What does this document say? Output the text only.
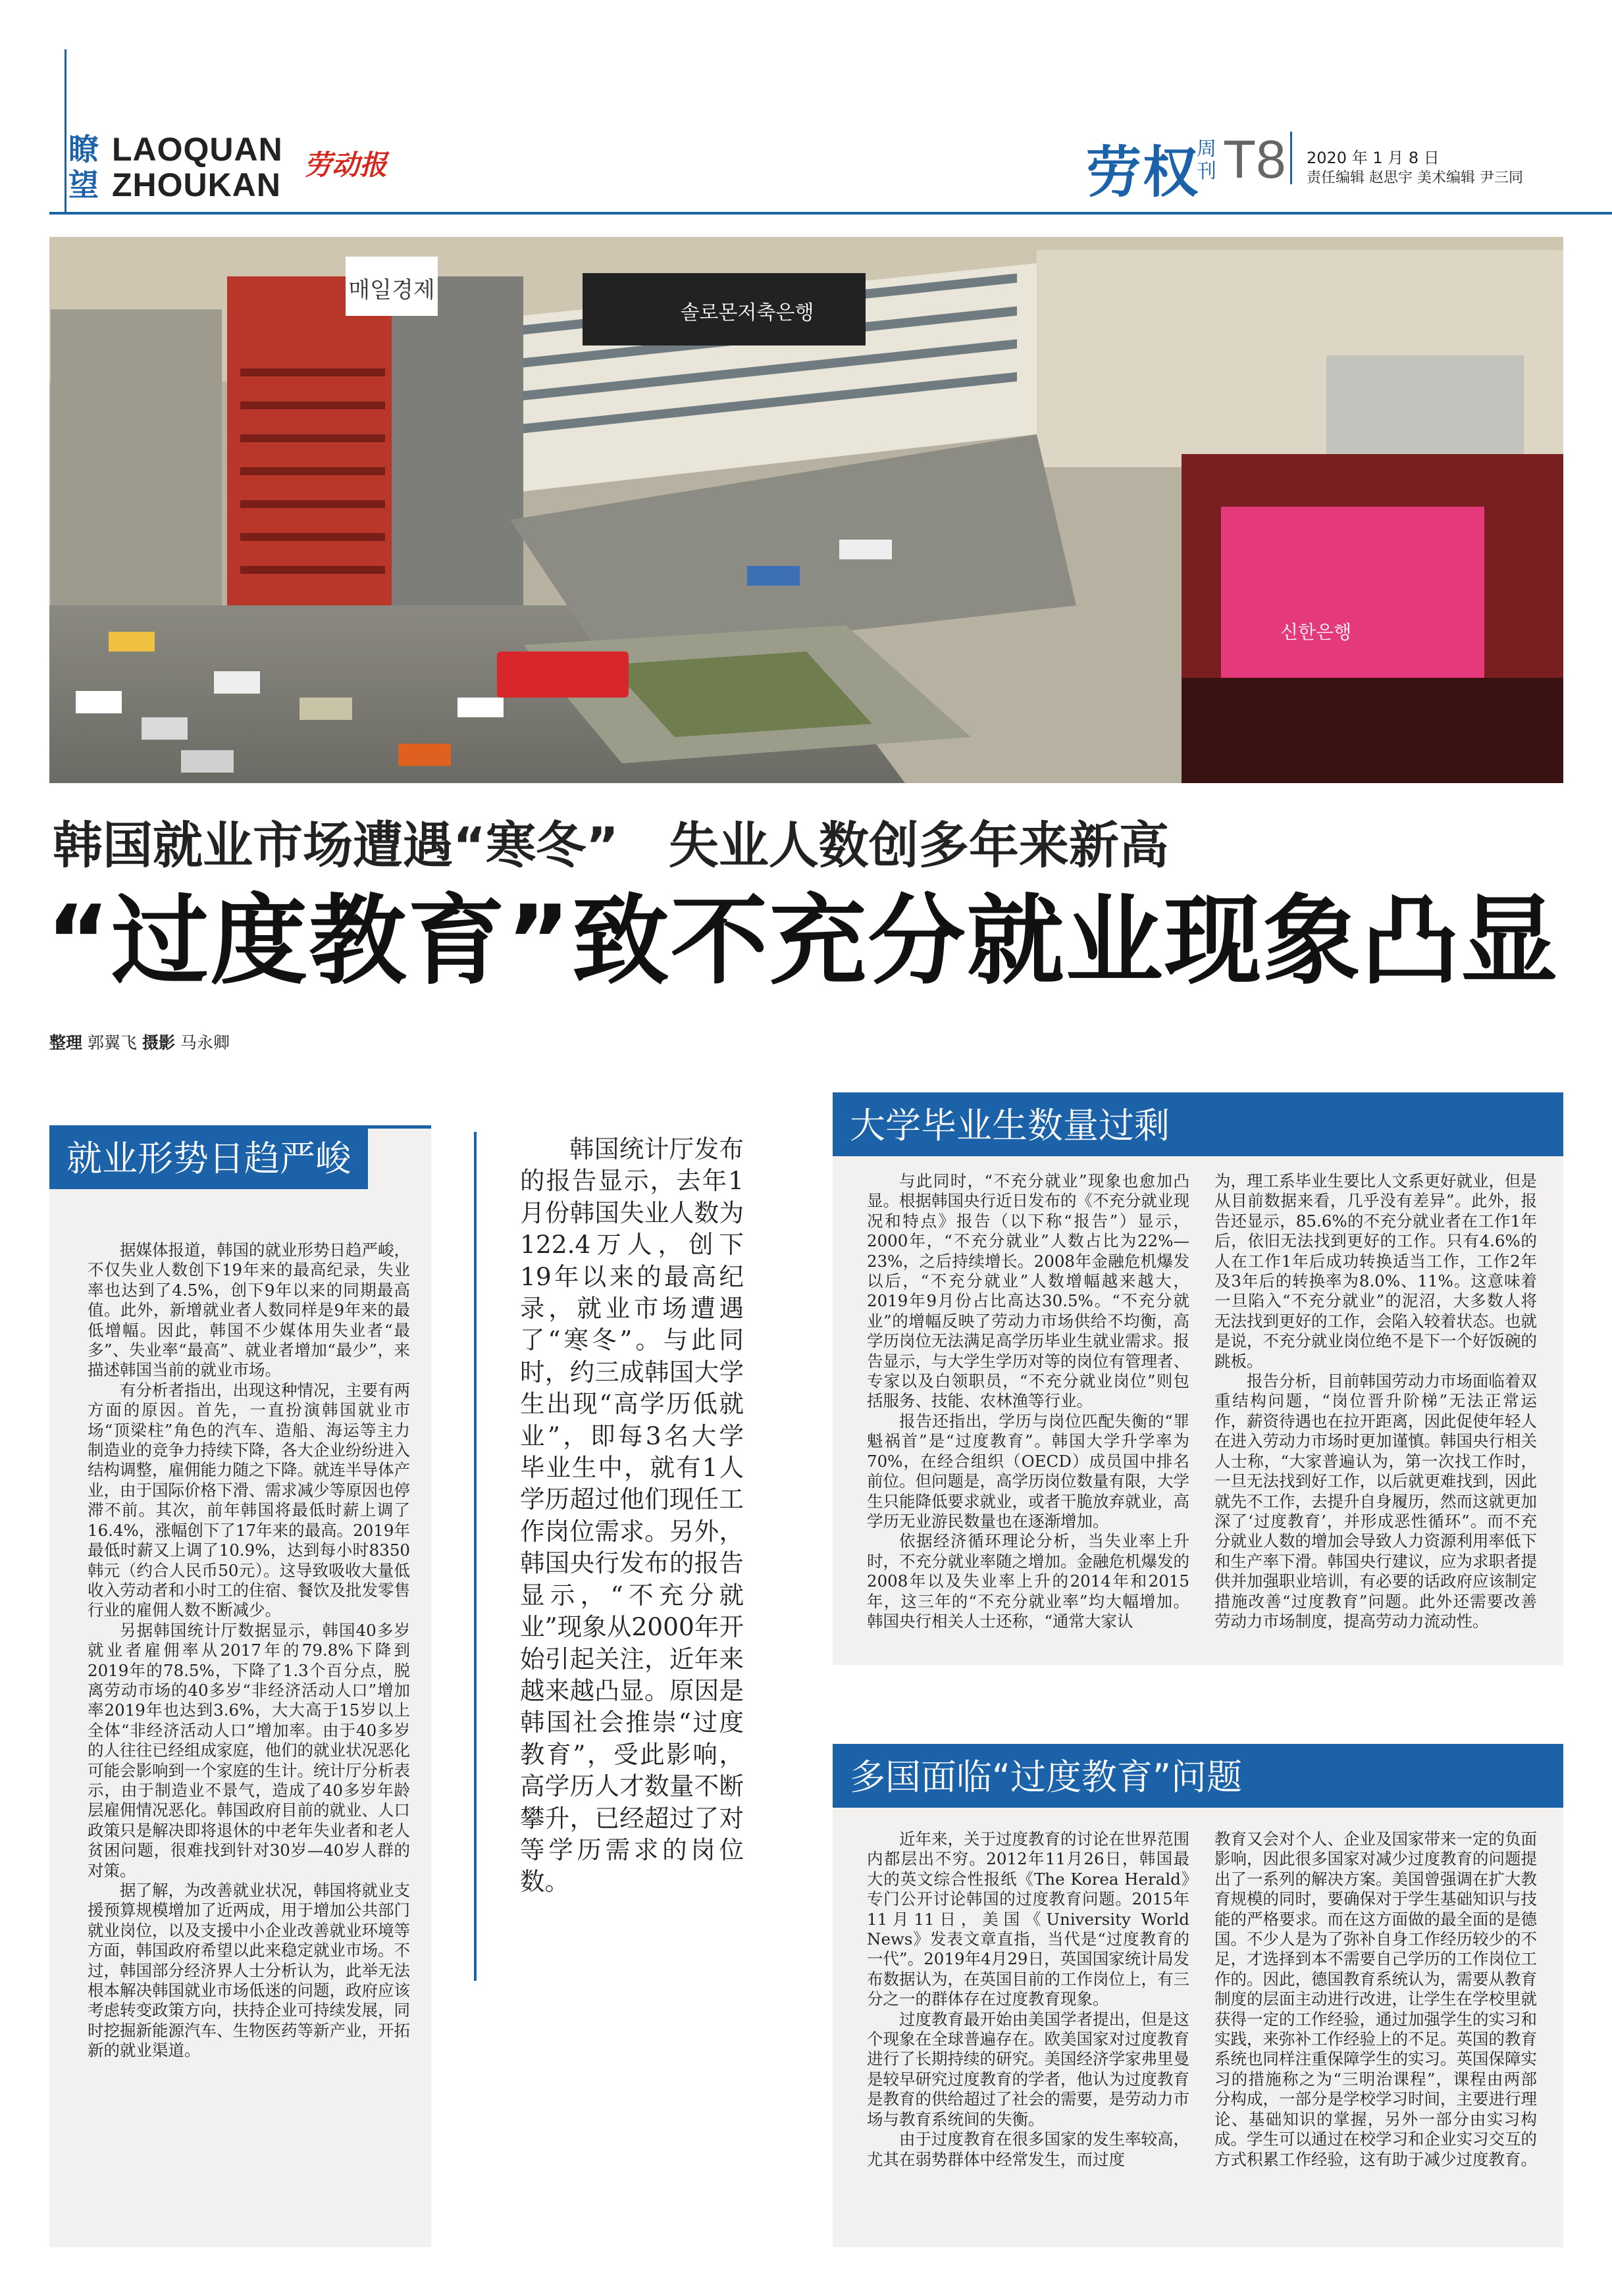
瞭望
LAOQUAN
ZHOUKAN
劳动报	劳权
周刊 T8 2020 年 1 月 8 日
责任编辑 赵思宇 美术编辑 尹三同
매일경제
솔로몬저축은행
신한은행
韩国就业市场遭遇“寒冬”　失业人数创多年来新高
“过度教育”致不充分就业现象凸显
整理 郭翼飞 摄影 马永卿
就业形势日趋严峻

据媒体报道，韩国的就业形势日趋严峻，不仅失业人数创下19年来的最高纪录，失业率也达到了4.5%，创下9年以来的同期最高值。此外，新增就业者人数同样是9年来的最低增幅。因此，韩国不少媒体用失业者“最多”、失业率“最高”、就业者增加“最少”，来描述韩国当前的就业市场。

有分析者指出，出现这种情况，主要有两方面的原因。首先，一直扮演韩国就业市场“顶梁柱”角色的汽车、造船、海运等主力制造业的竞争力持续下降，各大企业纷纷进入结构调整，雇佣能力随之下降。就连半导体产业，由于国际价格下滑、需求减少等原因也停滞不前。其次，前年韩国将最低时薪上调了16.4%，涨幅创下了17年来的最高。2019年最低时薪又上调了10.9%，达到每小时8350韩元（约合人民币50元）。这导致吸收大量低收入劳动者和小时工的住宿、餐饮及批发零售行业的雇佣人数不断减少。

另据韩国统计厅数据显示，韩国40多岁就业者雇佣率从2017年的79.8%下降到2019年的78.5%，下降了1.3个百分点，脱离劳动市场的40多岁“非经济活动人口”增加率2019年也达到3.6%，大大高于15岁以上全体“非经济活动人口”增加率。由于40多岁的人往往已经组成家庭，他们的就业状况恶化可能会影响到一个家庭的生计。统计厅分析表示，由于制造业不景气，造成了40多岁年龄层雇佣情况恶化。韩国政府目前的就业、人口政策只是解决即将退休的中老年失业者和老人贫困问题，很难找到针对30岁—40岁人群的对策。

据了解，为改善就业状况，韩国将就业支援预算规模增加了近两成，用于增加公共部门就业岗位，以及支援中小企业改善就业环境等方面，韩国政府希望以此来稳定就业市场。不过，韩国部分经济界人士分析认为，此举无法根本解决韩国就业市场低迷的问题，政府应该考虑转变政策方向，扶持企业可持续发展，同时挖掘新能源汽车、生物医药等新产业，开拓新的就业渠道。

韩国统计厅发布的报告显示，去年1月份韩国失业人数为122.4万人，创下19年以来的最高纪录，就业市场遭遇了“寒冬”。与此同时，约三成韩国大学生出现“高学历低就业”，即每3名大学毕业生中，就有1人学历超过他们现任工作岗位需求。另外，韩国央行发布的报告显示，“不充分就业”现象从2000年开始引起关注，近年来越来越凸显。原因是韩国社会推崇“过度教育”，受此影响，高学历人才数量不断攀升，已经超过了对等学历需求的岗位数。

大学毕业生数量过剩

与此同时，“不充分就业”现象也愈加凸显。根据韩国央行近日发布的《不充分就业现况和特点》报告（以下称“报告”）显示，2000年，“不充分就业”人数占比为22%—23%，之后持续增长。2008年金融危机爆发以后，“不充分就业”人数增幅越来越大，2019年9月份占比高达30.5%。“不充分就业”的增幅反映了劳动力市场供给不均衡，高学历岗位无法满足高学历毕业生就业需求。报告显示，与大学生学历对等的岗位有管理者、专家以及白领职员，“不充分就业岗位”则包括服务、技能、农林渔等行业。

报告还指出，学历与岗位匹配失衡的“罪魁祸首”是“过度教育”。韩国大学升学率为70%，在经合组织（OECD）成员国中排名前位。但问题是，高学历岗位数量有限，大学生只能降低要求就业，或者干脆放弃就业，高学历无业游民数量也在逐渐增加。

依据经济循环理论分析，当失业率上升时，不充分就业率随之增加。金融危机爆发的2008年以及失业率上升的2014年和2015年，这三年的“不充分就业率”均大幅增加。韩国央行相关人士还称，“通常大家认

为，理工系毕业生要比人文系更好就业，但是从目前数据来看，几乎没有差异”。此外，报告还显示，85.6%的不充分就业者在工作1年后，依旧无法找到更好的工作。只有4.6%的人在工作1年后成功转换适当工作，工作2年及3年后的转换率为8.0%、11%。这意味着一旦陷入“不充分就业”的泥沼，大多数人将无法找到更好的工作，会陷入较着状态。也就是说，不充分就业岗位绝不是下一个好饭碗的跳板。

报告分析，目前韩国劳动力市场面临着双重结构问题，“岗位晋升阶梯”无法正常运作，薪资待遇也在拉开距离，因此促使年轻人在进入劳动力市场时更加谨慎。韩国央行相关人士称，“大家普遍认为，第一次找工作时，一旦无法找到好工作，以后就更难找到，因此就先不工作，去提升自身履历，然而这就更加深了‘过度教育’，并形成恶性循环”。而不充分就业人数的增加会导致人力资源利用率低下和生产率下滑。韩国央行建议，应为求职者提供并加强职业培训，有必要的话政府应该制定措施改善“过度教育”问题。此外还需要改善劳动力市场制度，提高劳动力流动性。

多国面临“过度教育”问题

近年来，关于过度教育的讨论在世界范围内都层出不穷。2012年11月26日，韩国最大的英文综合性报纸《The Korea Herald》专门公开讨论韩国的过度教育问题。2015年11月11日，美国《University World News》发表文章直指，当代是“过度教育的一代”。2019年4月29日，英国国家统计局发布数据认为，在英国目前的工作岗位上，有三分之一的群体存在过度教育现象。

过度教育最开始由美国学者提出，但是这个现象在全球普遍存在。欧美国家对过度教育进行了长期持续的研究。美国经济学家弗里曼是较早研究过度教育的学者，他认为过度教育是教育的供给超过了社会的需要，是劳动力市场与教育系统间的失衡。

由于过度教育在很多国家的发生率较高，尤其在弱势群体中经常发生，而过度

教育又会对个人、企业及国家带来一定的负面影响，因此很多国家对减少过度教育的问题提出了一系列的解决方案。美国曾强调在扩大教育规模的同时，要确保对于学生基础知识与技能的严格要求。而在这方面做的最全面的是德国。不少人是为了弥补自身工作经历较少的不足，才选择到本不需要自己学历的工作岗位工作的。因此，德国教育系统认为，需要从教育制度的层面主动进行改进，让学生在学校里就获得一定的工作经验，通过加强学生的实习和实践，来弥补工作经验上的不足。英国的教育系统也同样注重保障学生的实习。英国保障实习的措施称之为“三明治课程”，课程由两部分构成，一部分是学校学习时间，主要进行理论、基础知识的掌握，另外一部分由实习构成。学生可以通过在校学习和企业实习交互的方式积累工作经验，这有助于减少过度教育。
